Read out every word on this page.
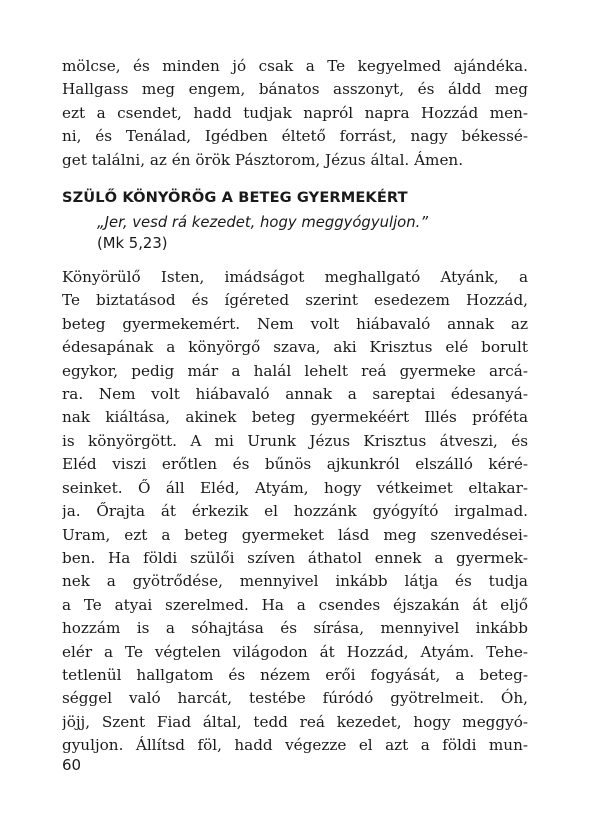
mölcse, és minden jó csak a Te kegyelmed ajándéka.
Hallgass meg engem, bánatos asszonyt, és áldd meg
ezt a csendet, hadd tudjak napról napra Hozzád men-
ni, és Tenálad, Igédben éltető forrást, nagy békessé-
get találni, az én örök Pásztorom, Jézus által. Ámen.

SZÜLŐ KÖNYÖRÖG A BETEG GYERMEKÉRT
„Jer, vesd rá kezedet, hogy meggyógyuljon.”
(Mk 5,23)

Könyörülő Isten, imádságot meghallgató Atyánk, a
Te biztatásod és ígéreted szerint esedezem Hozzád,
beteg gyermekemért. Nem volt hiábavaló annak az
édesapának a könyörgő szava, aki Krisztus elé borult
egykor, pedig már a halál lehelt reá gyermeke arcá-
ra. Nem volt hiábavaló annak a sareptai édesanyá-
nak kiáltása, akinek beteg gyermekéért Illés próféta
is könyörgött. A mi Urunk Jézus Krisztus átveszi, és
Eléd viszi erőtlen és bűnös ajkunkról elszálló kéré-
seinket. Ő áll Eléd, Atyám, hogy vétkeimet eltakar-
ja. Őrajta át érkezik el hozzánk gyógyító irgalmad.
Uram, ezt a beteg gyermeket lásd meg szenvedései-
ben. Ha földi szülői szíven áthatol ennek a gyermek-
nek a gyötrődése, mennyivel inkább látja és tudja
a Te atyai szerelmed. Ha a csendes éjszakán át eljő
hozzám is a sóhajtása és sírása, mennyivel inkább
elér a Te végtelen világodon át Hozzád, Atyám. Tehe-
tetlenül hallgatom és nézem erői fogyását, a beteg-
séggel való harcát, testébe fúródó gyötrelmeit. Óh,
jöjj, Szent Fiad által, tedd reá kezedet, hogy meggyó-
gyuljon. Állítsd föl, hadd végezze el azt a földi mun-

60
